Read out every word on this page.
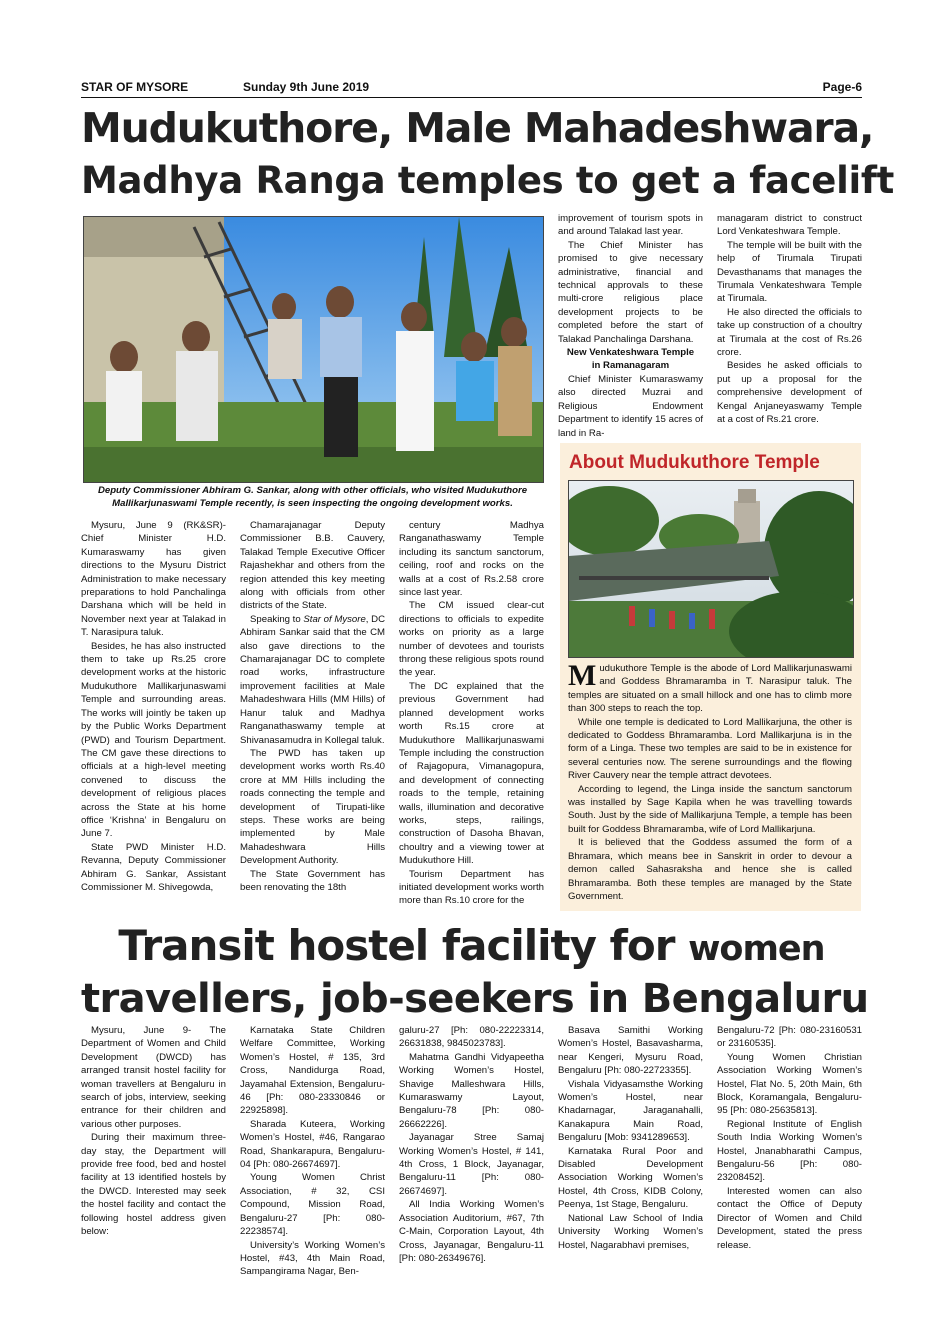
STAR OF MYSORE	Sunday 9th June 2019	Page-6
Mudukuthore, Male Mahadeshwara,
Madhya Ranga temples to get a facelift
Deputy Commissioner Abhiram G. Sankar, along with other officials, who visited Mudukuthore
Mallikarjunaswami Temple recently, is seen inspecting the ongoing development works.

Mysuru, June 9 (RK&SR)- Chief Minister H.D. Kumaraswamy has given directions to the Mysuru District Administration to make necessary preparations to hold Panchalinga Darshana which will be held in November next year at Talakad in T. Narasipura taluk.

Besides, he has also instructed them to take up Rs.25 crore development works at the historic Mudukuthore Mallikarjunaswami Temple and surrounding areas. The works will jointly be taken up by the Public Works Department (PWD) and Tourism Department. The CM gave these directions to officials at a high-level meeting convened to discuss the development of religious places across the State at his home office ‘Krishna’ in Bengaluru on June 7.

State PWD Minister H.D. Revanna, Deputy Commissioner Abhiram G. Sankar, Assistant Commissioner M. Shivegowda,

Chamarajanagar Deputy Commissioner B.B. Cauvery, Talakad Temple Executive Officer Rajashekhar and others from the region attended this key meeting along with officials from other districts of the State.

Speaking to Star of Mysore, DC Abhiram Sankar said that the CM also gave directions to the Chamarajanagar DC to complete road works, infrastructure improvement facilities at Male Mahadeshwara Hills (MM Hills) of Hanur taluk and Madhya Ranganathaswamy temple at Shivanasamudra in Kollegal taluk.

The PWD has taken up development works worth Rs.40 crore at MM Hills including the roads connecting the temple and development of Tirupati-like steps. These works are being implemented by Male Mahadeshwara Hills Development Authority.

The State Government has been renovating the 18th

century Madhya Ranganathaswamy Temple including its sanctum sanctorum, ceiling, roof and rocks on the walls at a cost of Rs.2.58 crore since last year.

The CM issued clear-cut directions to officials to expedite works on priority as a large number of devotees and tourists throng these religious spots round the year.

The DC explained that the previous Government had planned development works worth Rs.15 crore at Mudukuthore Mallikarjunaswami Temple including the construction of Rajagopura, Vimanagopura, and development of connecting roads to the temple, retaining walls, illumination and decorative works, steps, railings, construction of Dasoha Bhavan, choultry and a viewing tower at Mudukuthore Hill.

Tourism Department has initiated development works worth more than Rs.10 crore for the

improvement of tourism spots in and around Talakad last year.

The Chief Minister has promised to give necessary administrative, financial and technical approvals to these multi-crore religious place development projects to be completed before the start of Talakad Panchalinga Darshana.

New Venkateshwara Temple

in Ramanagaram

Chief Minister Kumaraswamy also directed Muzrai and Religious Endowment Department to identify 15 acres of land in Ra-

managaram district to construct Lord Venkateshwara Temple.

The temple will be built with the help of Tirumala Tirupati Devasthanams that manages the Tirumala Venkateshwara Temple at Tirumala.

He also directed the officials to take up construction of a choultry at Tirumala at the cost of Rs.26 crore.

Besides he asked officials to put up a proposal for the comprehensive development of Kengal Anjaneyaswamy Temple at a cost of Rs.21 crore.

About Mudukuthore Temple

Mudukuthore Temple is the abode of Lord Mallikarjunaswami and Goddess Bhramaramba in T. Narasipur taluk. The temples are situated on a small hillock and one has to climb more than 300 steps to reach the top.

While one temple is dedicated to Lord Mallikarjuna, the other is dedicated to Goddess Bhramaramba. Lord Mallikarjuna is in the form of a Linga. These two temples are said to be in existence for several centuries now. The serene surroundings and the flowing River Cauvery near the temple attract devotees.

According to legend, the Linga inside the sanctum sanctorum was installed by Sage Kapila when he was travelling towards South. Just by the side of Mallikarjuna Temple, a temple has been built for Goddess Bhramaramba, wife of Lord Mallikarjuna.

It is believed that the Goddess assumed the form of a Bhramara, which means bee in Sanskrit in order to devour a demon called Sahasraksha and hence she is called Bhramaramba. Both these temples are managed by the State Government.

Transit hostel facility for women
travellers, job-seekers in Bengaluru

Mysuru, June 9- The Department of Women and Child Development (DWCD) has arranged transit hostel facility for woman travellers at Bengaluru in search of jobs, interview, seeking entrance for their children and various other purposes.

During their maximum three-day stay, the Department will provide free food, bed and hostel facility at 13 identified hostels by the DWCD. Interested may seek the hostel facility and contact the following hostel address given below:

Karnataka State Children Welfare Committee, Working Women’s Hostel, # 135, 3rd Cross, Nandidurga Road, Jayamahal Extension, Bengaluru-46 [Ph: 080-23330846 or 22925898].

Sharada Kuteera, Working Women’s Hostel, #46, Rangarao Road, Shankarapura, Bengaluru-04 [Ph: 080-26674697].

Young Women Christ Association, # 32, CSI Compound, Mission Road, Bengaluru-27 [Ph: 080-22238574].

University’s Working Women’s Hostel, #43, 4th Main Road, Sampangirama Nagar, Ben-

galuru-27 [Ph: 080-22223314, 26631838, 9845023783].

Mahatma Gandhi Vidyapeetha Working Women’s Hostel, Shavige Malleshwara Hills, Kumaraswamy Layout, Bengaluru-78 [Ph: 080-26662226].

Jayanagar Stree Samaj Working Women’s Hostel, # 141, 4th Cross, 1 Block, Jayanagar, Bengaluru-11 [Ph: 080-26674697].

All India Working Women’s Association Auditorium, #67, 7th C-Main, Corporation Layout, 4th Cross, Jayanagar, Bengaluru-11 [Ph: 080-26349676].

Basava Samithi Working Women’s Hostel, Basavasharma, near Kengeri, Mysuru Road, Bengaluru [Ph: 080-22723355].

Vishala Vidyasamsthe Working Women’s Hostel, near Khadarnagar, Jaraganahalli, Kanakapura Main Road, Bengaluru [Mob: 9341289653].

Karnataka Rural Poor and Disabled Development Association Working Women’s Hostel, 4th Cross, KIDB Colony, Peenya, 1st Stage, Bengaluru.

National Law School of India University Working Women’s Hostel, Nagarabhavi premises,

Bengaluru-72 [Ph: 080-23160531 or 23160535].

Young Women Christian Association Working Women’s Hostel, Flat No. 5, 20th Main, 6th Block, Koramangala, Bengaluru-95 [Ph: 080-25635813].

Regional Institute of English South India Working Women’s Hostel, Jnanabharathi Campus, Bengaluru-56 [Ph: 080-23208452].

Interested women can also contact the Office of Deputy Director of Women and Child Development, stated the press release.
